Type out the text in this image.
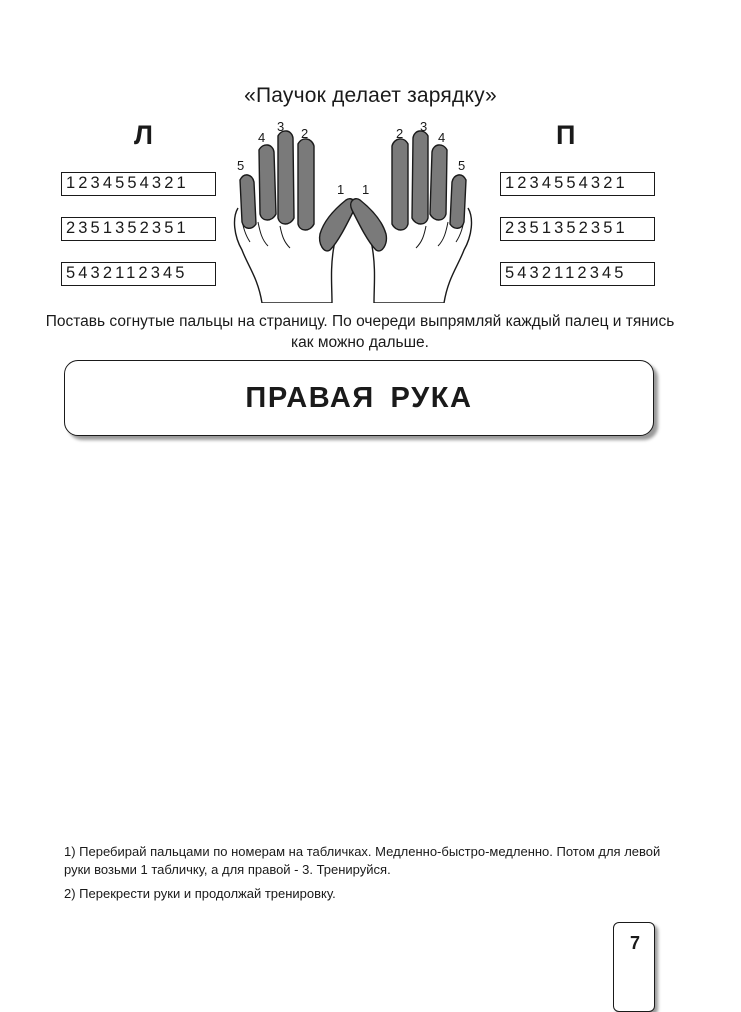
«Паучок делает зарядку»
Л	П
1234554321
2351352351
5432112345
1234554321
2351352351
5432112345
4
3 2
5
1
2 3
4
5
1
Поставь согнутые пальцы на страницу. По очереди выпрямляй каждый палец и тянись как можно дальше.
ПРАВАЯ РУКА

1) Перебирай пальцами по номерам на табличках. Медленно-быстро-медленно. Потом для левой руки возьми 1 табличку, а для правой - 3. Тренируйся.

2) Перекрести руки и продолжай тренировку.

7
